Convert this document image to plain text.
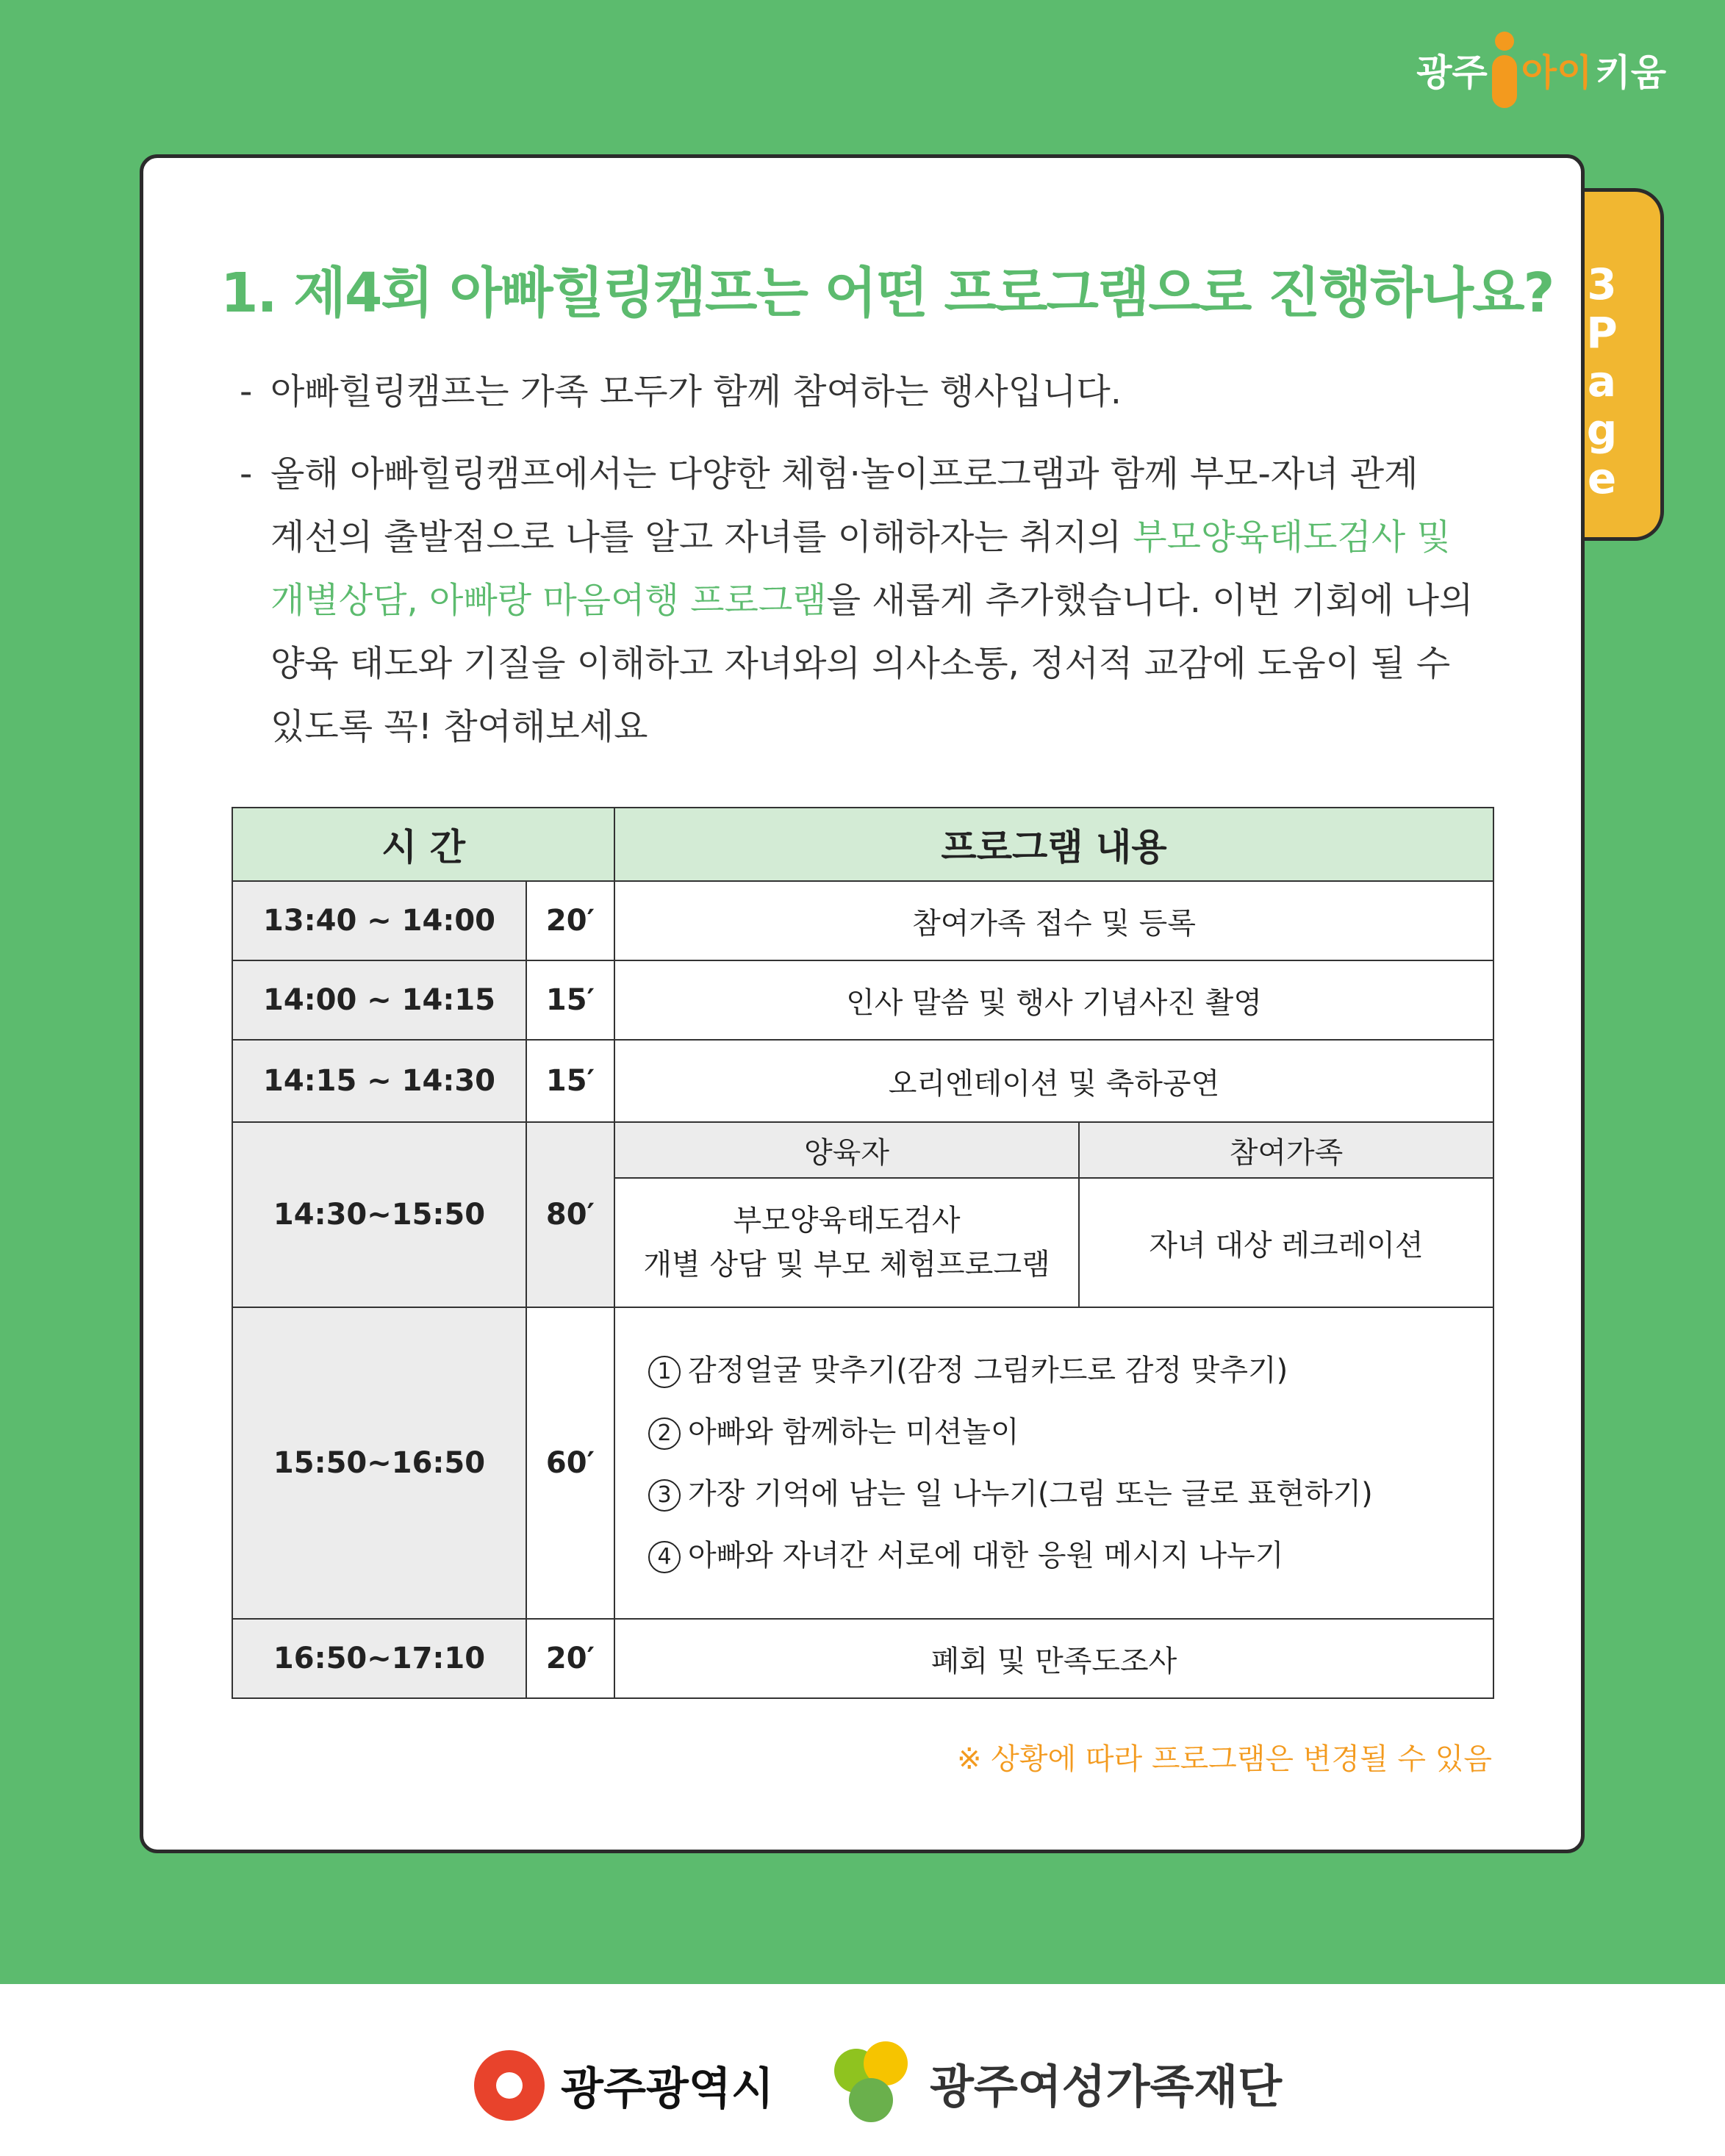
광주 아이 키움
3
P
a
g
e
1. 제4회 아빠힐링캠프는 어떤 프로그램으로 진행하나요?
- 아빠힐링캠프는 가족 모두가 함께 참여하는 행사입니다.
- 올해 아빠힐링캠프에서는 다양한 체험·놀이프로그램과 함께 부모-자녀 관계
계선의 출발점으로 나를 알고 자녀를 이해하자는 취지의 부모양육태도검사 및
개별상담, 아빠랑 마음여행 프로그램을 새롭게 추가했습니다. 이번 기회에 나의
양육 태도와 기질을 이해하고 자녀와의 의사소통, 정서적 교감에 도움이 될 수
있도록 꼭! 참여해보세요
시 간		프로그램 내용	
13:40 ~ 14:00	20′	참여가족 접수 및 등록	
14:00 ~ 14:15	15′	인사 말씀 및 행사 기념사진 촬영	
14:15 ~ 14:30	15′	오리엔테이션 및 축하공연	
14:30~15:50	80′	양육자	참여가족

		부모양육태도검사
개별 상담 및 부모 체험프로그램	자녀 대상 레크레이션
15:50~16:50	60′	1 감정얼굴 맞추기(감정 그림카드로 감정 맞추기)
2 아빠와 함께하는 미션놀이
3 가장 기억에 남는 일 나누기(그림 또는 글로 표현하기)
4 아빠와 자녀간 서로에 대한 응원 메시지 나누기	

16:50~17:10	20′	폐회 및 만족도조사	
※ 상황에 따라 프로그램은 변경될 수 있음
광주광역시	광주여성가족재단
